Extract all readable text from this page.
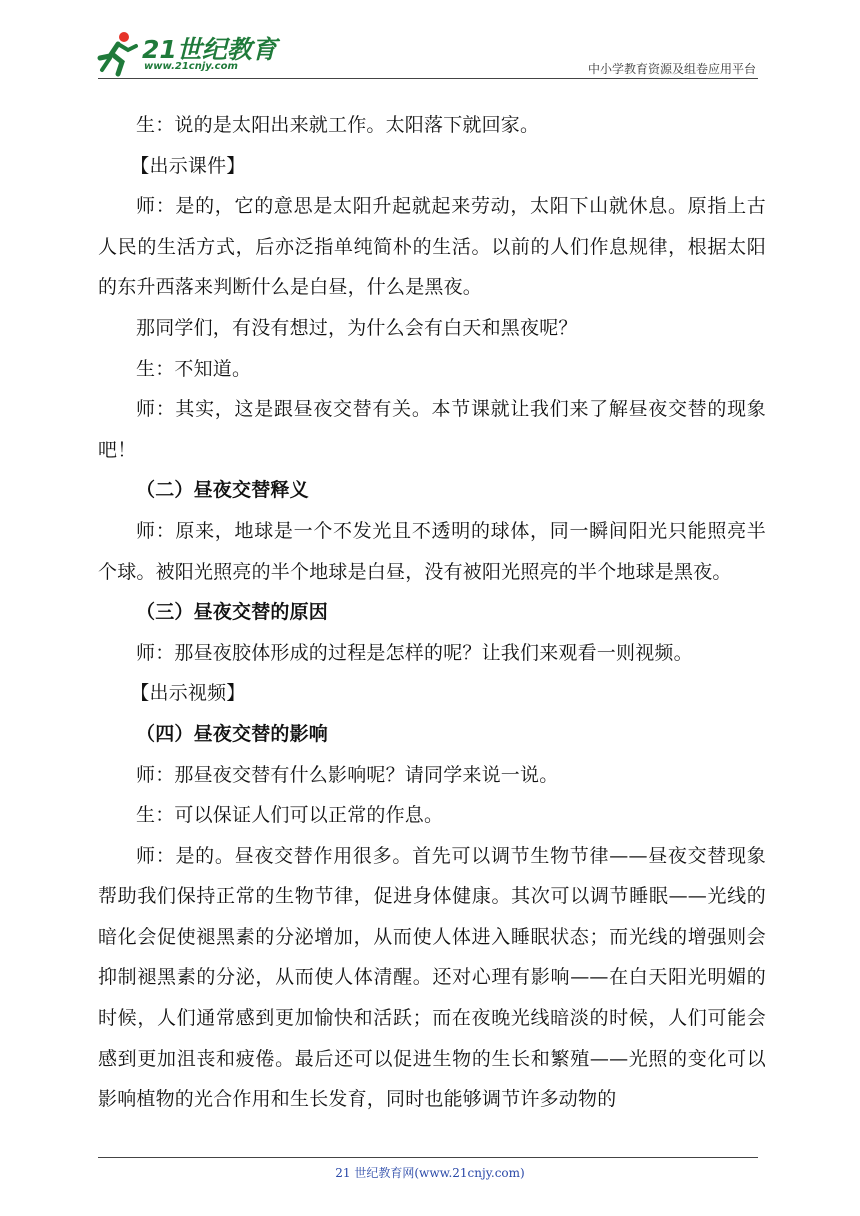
21世纪教育
www.21cnjy.com	中小学教育资源及组卷应用平台

生：说的是太阳出来就工作。太阳落下就回家。

【出示课件】

师：是的，它的意思是太阳升起就起来劳动，太阳下山就休息。原指上古人民的生活方式，后亦泛指单纯简朴的生活。以前的人们作息规律，根据太阳的东升西落来判断什么是白昼，什么是黑夜。

那同学们，有没有想过，为什么会有白天和黑夜呢？

生：不知道。

师：其实，这是跟昼夜交替有关。本节课就让我们来了解昼夜交替的现象吧！

（二）昼夜交替释义

师：原来，地球是一个不发光且不透明的球体，同一瞬间阳光只能照亮半个球。被阳光照亮的半个地球是白昼，没有被阳光照亮的半个地球是黑夜。

（三）昼夜交替的原因

师：那昼夜胶体形成的过程是怎样的呢？让我们来观看一则视频。

【出示视频】

（四）昼夜交替的影响

师：那昼夜交替有什么影响呢？请同学来说一说。

生：可以保证人们可以正常的作息。

师：是的。昼夜交替作用很多。首先可以调节生物节律——昼夜交替现象帮助我们保持正常的生物节律，促进身体健康。其次可以调节睡眠——光线的暗化会促使褪黑素的分泌增加，从而使人体进入睡眠状态；而光线的增强则会抑制褪黑素的分泌，从而使人体清醒。还对心理有影响——在白天阳光明媚的时候，人们通常感到更加愉快和活跃；而在夜晚光线暗淡的时候，人们可能会感到更加沮丧和疲倦。最后还可以促进生物的生长和繁殖——光照的变化可以影响植物的光合作用和生长发育，同时也能够调节许多动物的

21 世纪教育网(www.21cnjy.com)
